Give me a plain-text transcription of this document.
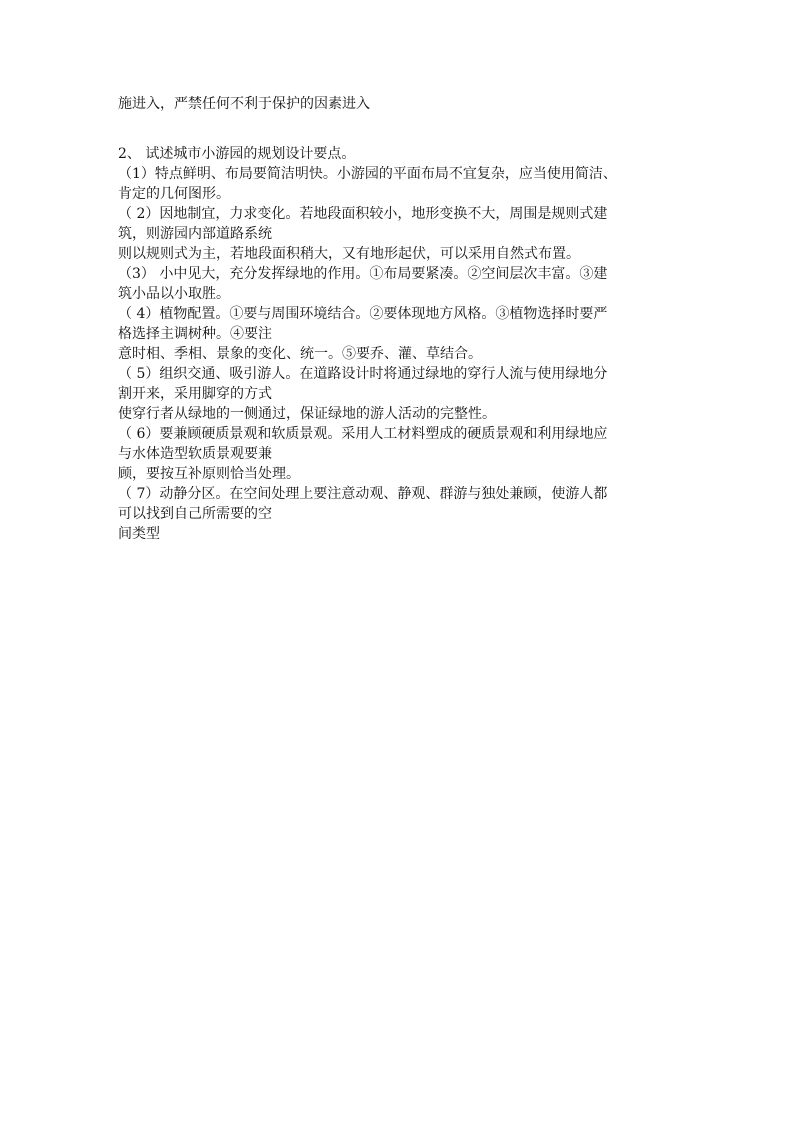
施进入，严禁任何不利于保护的因素进入
2、 试述城市小游园的规划设计要点。
（1）特点鲜明、布局要简洁明快。小游园的平面布局不宜复杂，应当使用简洁、
肯定的几何图形。
（ 2）因地制宜，力求变化。若地段面积较小，地形变换不大，周围是规则式建
筑，则游园内部道路系统
则以规则式为主，若地段面积稍大，又有地形起伏，可以采用自然式布置。
（3） 小中见大，充分发挥绿地的作用。①布局要紧凑。②空间层次丰富。③建
筑小品以小取胜。
（ 4）植物配置。①要与周围环境结合。②要体现地方风格。③植物选择时要严
格选择主调树种。④要注
意时相、季相、景象的变化、统一。⑤要乔、灌、草结合。
（ 5）组织交通、吸引游人。在道路设计时将通过绿地的穿行人流与使用绿地分
割开来，采用脚穿的方式
使穿行者从绿地的一侧通过，保证绿地的游人活动的完整性。
（ 6）要兼顾硬质景观和软质景观。采用人工材料塑成的硬质景观和利用绿地应
与水体造型软质景观要兼
顾，要按互补原则恰当处理。
（ 7）动静分区。在空间处理上要注意动观、静观、群游与独处兼顾，使游人都
可以找到自己所需要的空
间类型
